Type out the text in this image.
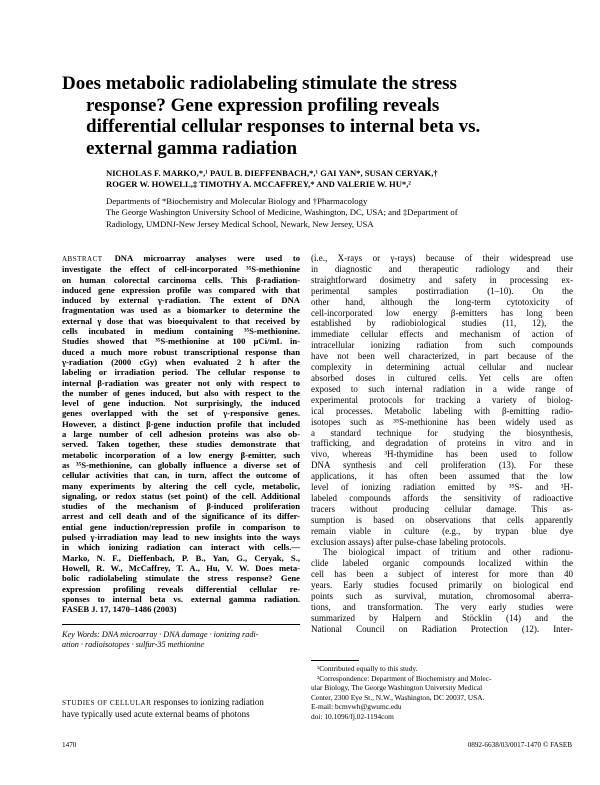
Does metabolic radiolabeling stimulate the stress
response? Gene expression profiling reveals
differential cellular responses to internal beta vs.
external gamma radiation
NICHOLAS F. MARKO,*,¹ PAUL B. DIEFFENBACH,*,¹ GAI YAN*, SUSAN CERYAK,†
ROGER W. HOWELL,‡ TIMOTHY A. MCCAFFREY,* AND VALERIE W. HU*,²
Departments of *Biochemistry and Molecular Biology and †Pharmacology
The George Washington University School of Medicine, Washington, DC, USA; and ‡Department of
Radiology, UMDNJ-New Jersey Medical School, Newark, New Jersey, USA
ABSTRACT DNA microarray analyses were used to
investigate the effect of cell-incorporated ³⁵S-methionine
on human colorectal carcinoma cells. This β-radiation-
induced gene expression profile was compared with that
induced by external γ-radiation. The extent of DNA
fragmentation was used as a biomarker to determine the
external γ dose that was bioequivalent to that received by
cells incubated in medium containing ³⁵S-methionine.
Studies showed that ³⁵S-methionine at 100 μCi/mL in-
duced a much more robust transcriptional response than
γ-radiation (2000 cGy) when evaluated 2 h after the
labeling or irradiation period. The cellular response to
internal β-radiation was greater not only with respect to
the number of genes induced, but also with respect to the
level of gene induction. Not surprisingly, the induced
genes overlapped with the set of γ-responsive genes.
However, a distinct β-gene induction profile that included
a large number of cell adhesion proteins was also ob-
served. Taken together, these studies demonstrate that
metabolic incorporation of a low energy β-emitter, such
as ³⁵S-methionine, can globally influence a diverse set of
cellular activities that can, in turn, affect the outcome of
many experiments by altering the cell cycle, metabolic,
signaling, or redox status (set point) of the cell. Additional
studies of the mechanism of β-induced proliferation
arrest and cell death and of the significance of its differ-
ential gene induction/repression profile in comparison to
pulsed γ-irradiation may lead to new insights into the ways
in which ionizing radiation can interact with cells.—
Marko, N. F., Dieffenbach, P. B., Yan, G., Ceryak, S.,
Howell, R. W., McCaffrey, T. A., Hu, V. W. Does meta-
bolic radiolabeling stimulate the stress response? Gene
expression profiling reveals differential cellular re-
sponses to internal beta vs. external gamma radiation.
FASEB J. 17, 1470–1486 (2003)
Key Words: DNA microarray · DNA damage · ionizing radi-
ation · radioisotopes · sulfur-35 methionine
STUDIES OF CELLULAR responses to ionizing radiation
have typically used acute external beams of photons
(i.e., X-rays or γ-rays) because of their widespread use
in diagnostic and therapeutic radiology and their
straightforward dosimetry and safety in processing ex-
perimental samples postirradiation (1–10). On the
other hand, although the long-term cytotoxicity of
cell-incorporated low energy β-emitters has long been
established by radiobiological studies (11, 12), the
immediate cellular effects and mechanism of action of
intracellular ionizing radiation from such compounds
have not been well characterized, in part because of the
complexity in determining actual cellular and nuclear
absorbed doses in cultured cells. Yet cells are often
exposed to such internal radiation in a wide range of
experimental protocols for tracking a variety of biolog-
ical processes. Metabolic labeling with β-emitting radio-
isotopes such as ³⁵S-methionine has been widely used as
a standard technique for studying the biosynthesis,
trafficking, and degradation of proteins in vitro and in
vivo, whereas ³H-thymidine has been used to follow
DNA synthesis and cell proliferation (13). For these
applications, it has often been assumed that the low
level of ionizing radiation emitted by ³⁵S- and ³H-
labeled compounds affords the sensitivity of radioactive
tracers without producing cellular damage. This as-
sumption is based on observations that cells apparently
remain viable in culture (e.g., by trypan blue dye
exclusion assays) after pulse-chase labeling protocols.
The biological impact of tritium and other radionu-
clide labeled organic compounds localized within the
cell has been a subject of interest for more than 40
years. Early studies focused primarily on biological end
points such as survival, mutation, chromosomal aberra-
tions, and transformation. The very early studies were
summarized by Halpern and Stöcklin (14) and the
National Council on Radiation Protection (12). Inter-
¹Contributed equally to this study.
²Correspondence: Department of Biochemistry and Molec-
ular Biology, The George Washington University Medical
Center, 2300 Eye St., N.W., Washington, DC 20037, USA.
E-mail: bcmvwh@gwumc.edu
doi: 10.1096/fj.02-1194com
1470	0892-6638/03/0017-1470 © FASEB
